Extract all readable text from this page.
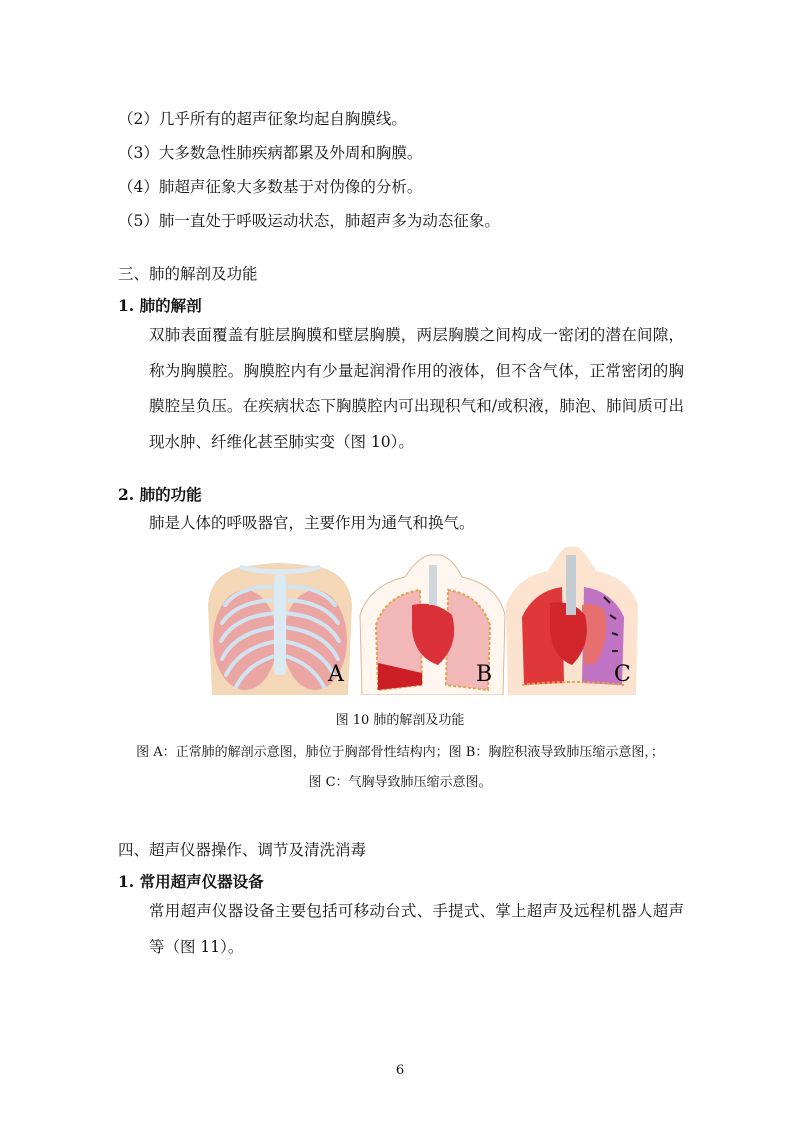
（2）几乎所有的超声征象均起自胸膜线。
（3）大多数急性肺疾病都累及外周和胸膜。
（4）肺超声征象大多数基于对伪像的分析。
（5）肺一直处于呼吸运动状态，肺超声多为动态征象。
三、肺的解剖及功能
1. 肺的解剖
双肺表面覆盖有脏层胸膜和壁层胸膜，两层胸膜之间构成一密闭的潜在间隙，称为胸膜腔。胸膜腔内有少量起润滑作用的液体，但不含气体，正常密闭的胸膜腔呈负压。在疾病状态下胸膜腔内可出现积气和/或积液，肺泡、肺间质可出现水肿、纤维化甚至肺实变（图 10）。
2. 肺的功能
肺是人体的呼吸器官，主要作用为通气和换气。
A	B	C
图 10 肺的解剖及功能
图 A：正常肺的解剖示意图，肺位于胸部骨性结构内；图 B：胸腔积液导致肺压缩示意图，；
图 C：气胸导致肺压缩示意图。
四、超声仪器操作、调节及清洗消毒
1. 常用超声仪器设备
常用超声仪器设备主要包括可移动台式、手提式、掌上超声及远程机器人超声等（图 11）。
6
